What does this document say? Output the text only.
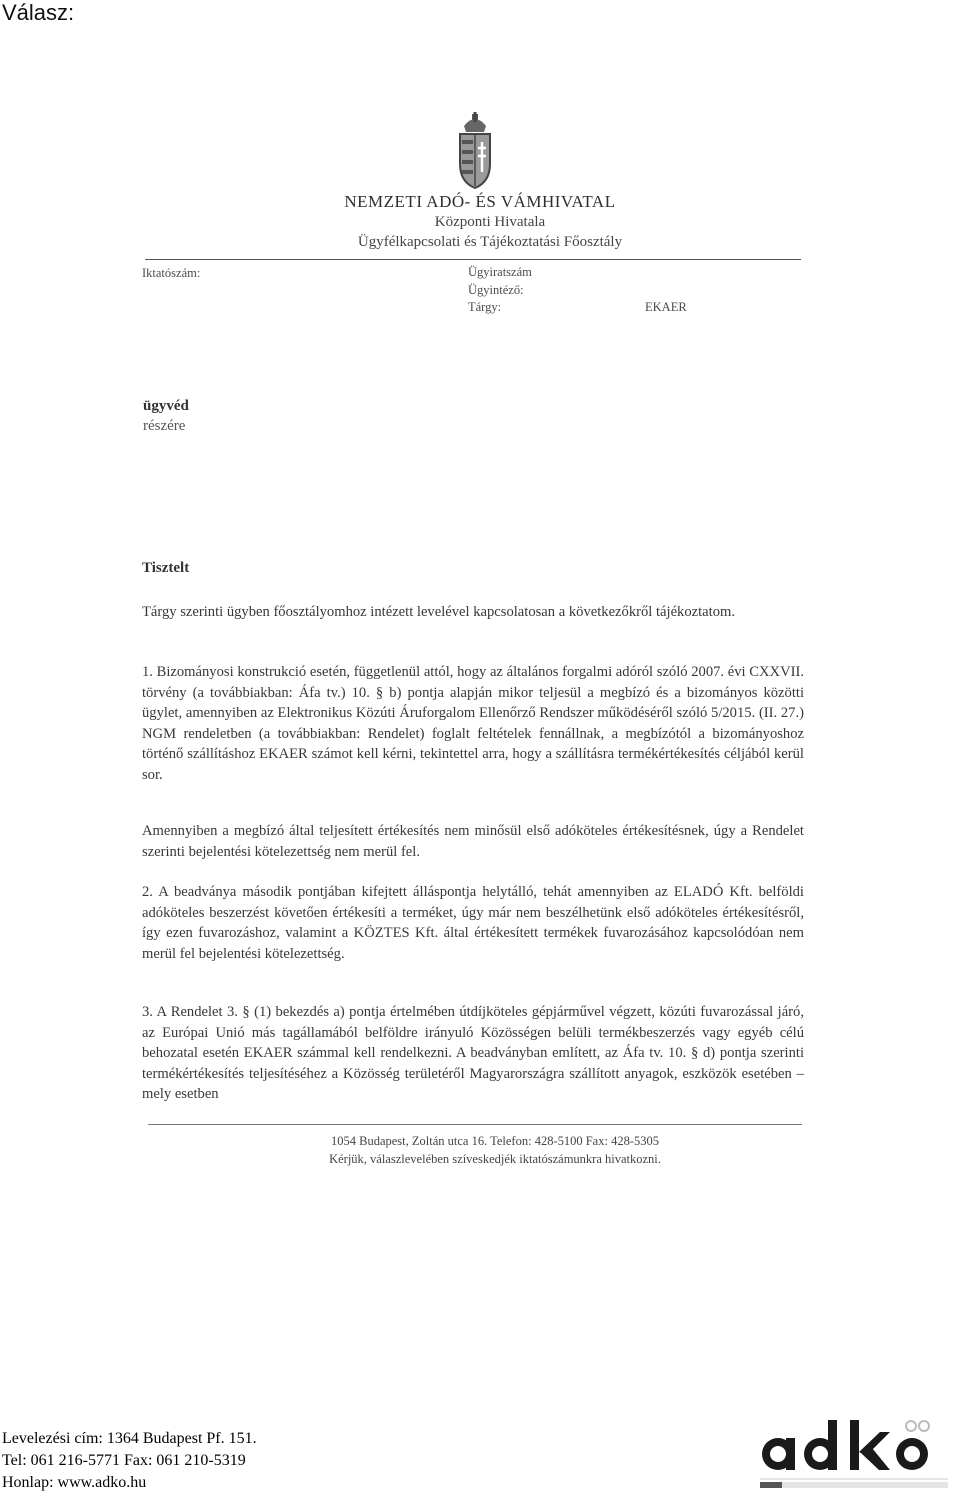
Válasz:
NEMZETI ADÓ- ÉS VÁMHIVATAL
Központi Hivatala
Ügyfélkapcsolati és Tájékoztatási Főosztály
Iktatószám:	Ügyiratszám
Ügyintéző:
Tárgy:	EKAER
ügyvéd
részére
Tisztelt
Tárgy szerinti ügyben főosztályomhoz intézett levelével kapcsolatosan a következőkről tájékoztatom.
1. Bizományosi konstrukció esetén, függetlenül attól, hogy az általános forgalmi adóról szóló 2007. évi CXXVII. törvény (a továbbiakban: Áfa tv.) 10. § b) pontja alapján mikor teljesül a megbízó és a bizományos közötti ügylet, amennyiben az Elektronikus Közúti Áruforgalom Ellenőrző Rendszer működéséről szóló 5/2015. (II. 27.) NGM rendeletben (a továbbiakban: Rendelet) foglalt feltételek fennállnak, a megbízótól a bizományoshoz történő szállításhoz EKAER számot kell kérni, tekintettel arra, hogy a szállításra termékértékesítés céljából kerül sor.
Amennyiben a megbízó által teljesített értékesítés nem minősül első adóköteles értékesítésnek, úgy a Rendelet szerinti bejelentési kötelezettség nem merül fel.
2. A beadványa második pontjában kifejtett álláspontja helytálló, tehát amennyiben az ELADÓ Kft. belföldi adóköteles beszerzést követően értékesíti a terméket, úgy már nem beszélhetünk első adóköteles értékesítésről, így ezen fuvarozáshoz, valamint a KÖZTES Kft. által értékesített termékek fuvarozásához kapcsolódóan nem merül fel bejelentési kötelezettség.
3. A Rendelet 3. § (1) bekezdés a) pontja értelmében útdíjköteles gépjárművel végzett, közúti fuvarozással járó, az Európai Unió más tagállamából belföldre irányuló Közösségen belüli termékbeszerzés vagy egyéb célú behozatal esetén EKAER számmal kell rendelkezni. A beadványban említett, az Áfa tv. 10. § d) pontja szerinti termékértékesítés teljesítéséhez a Közösség területéről Magyarországra szállított anyagok, eszközök esetében – mely esetben
1054 Budapest, Zoltán utca 16. Telefon: 428-5100 Fax: 428-5305
Kérjük, válaszlevelében szíveskedjék iktatószámunkra hivatkozni.
Levelezési cím: 1364 Budapest Pf. 151.
Tel: 061 216-5771 Fax: 061 210-5319
Honlap: www.adko.hu
